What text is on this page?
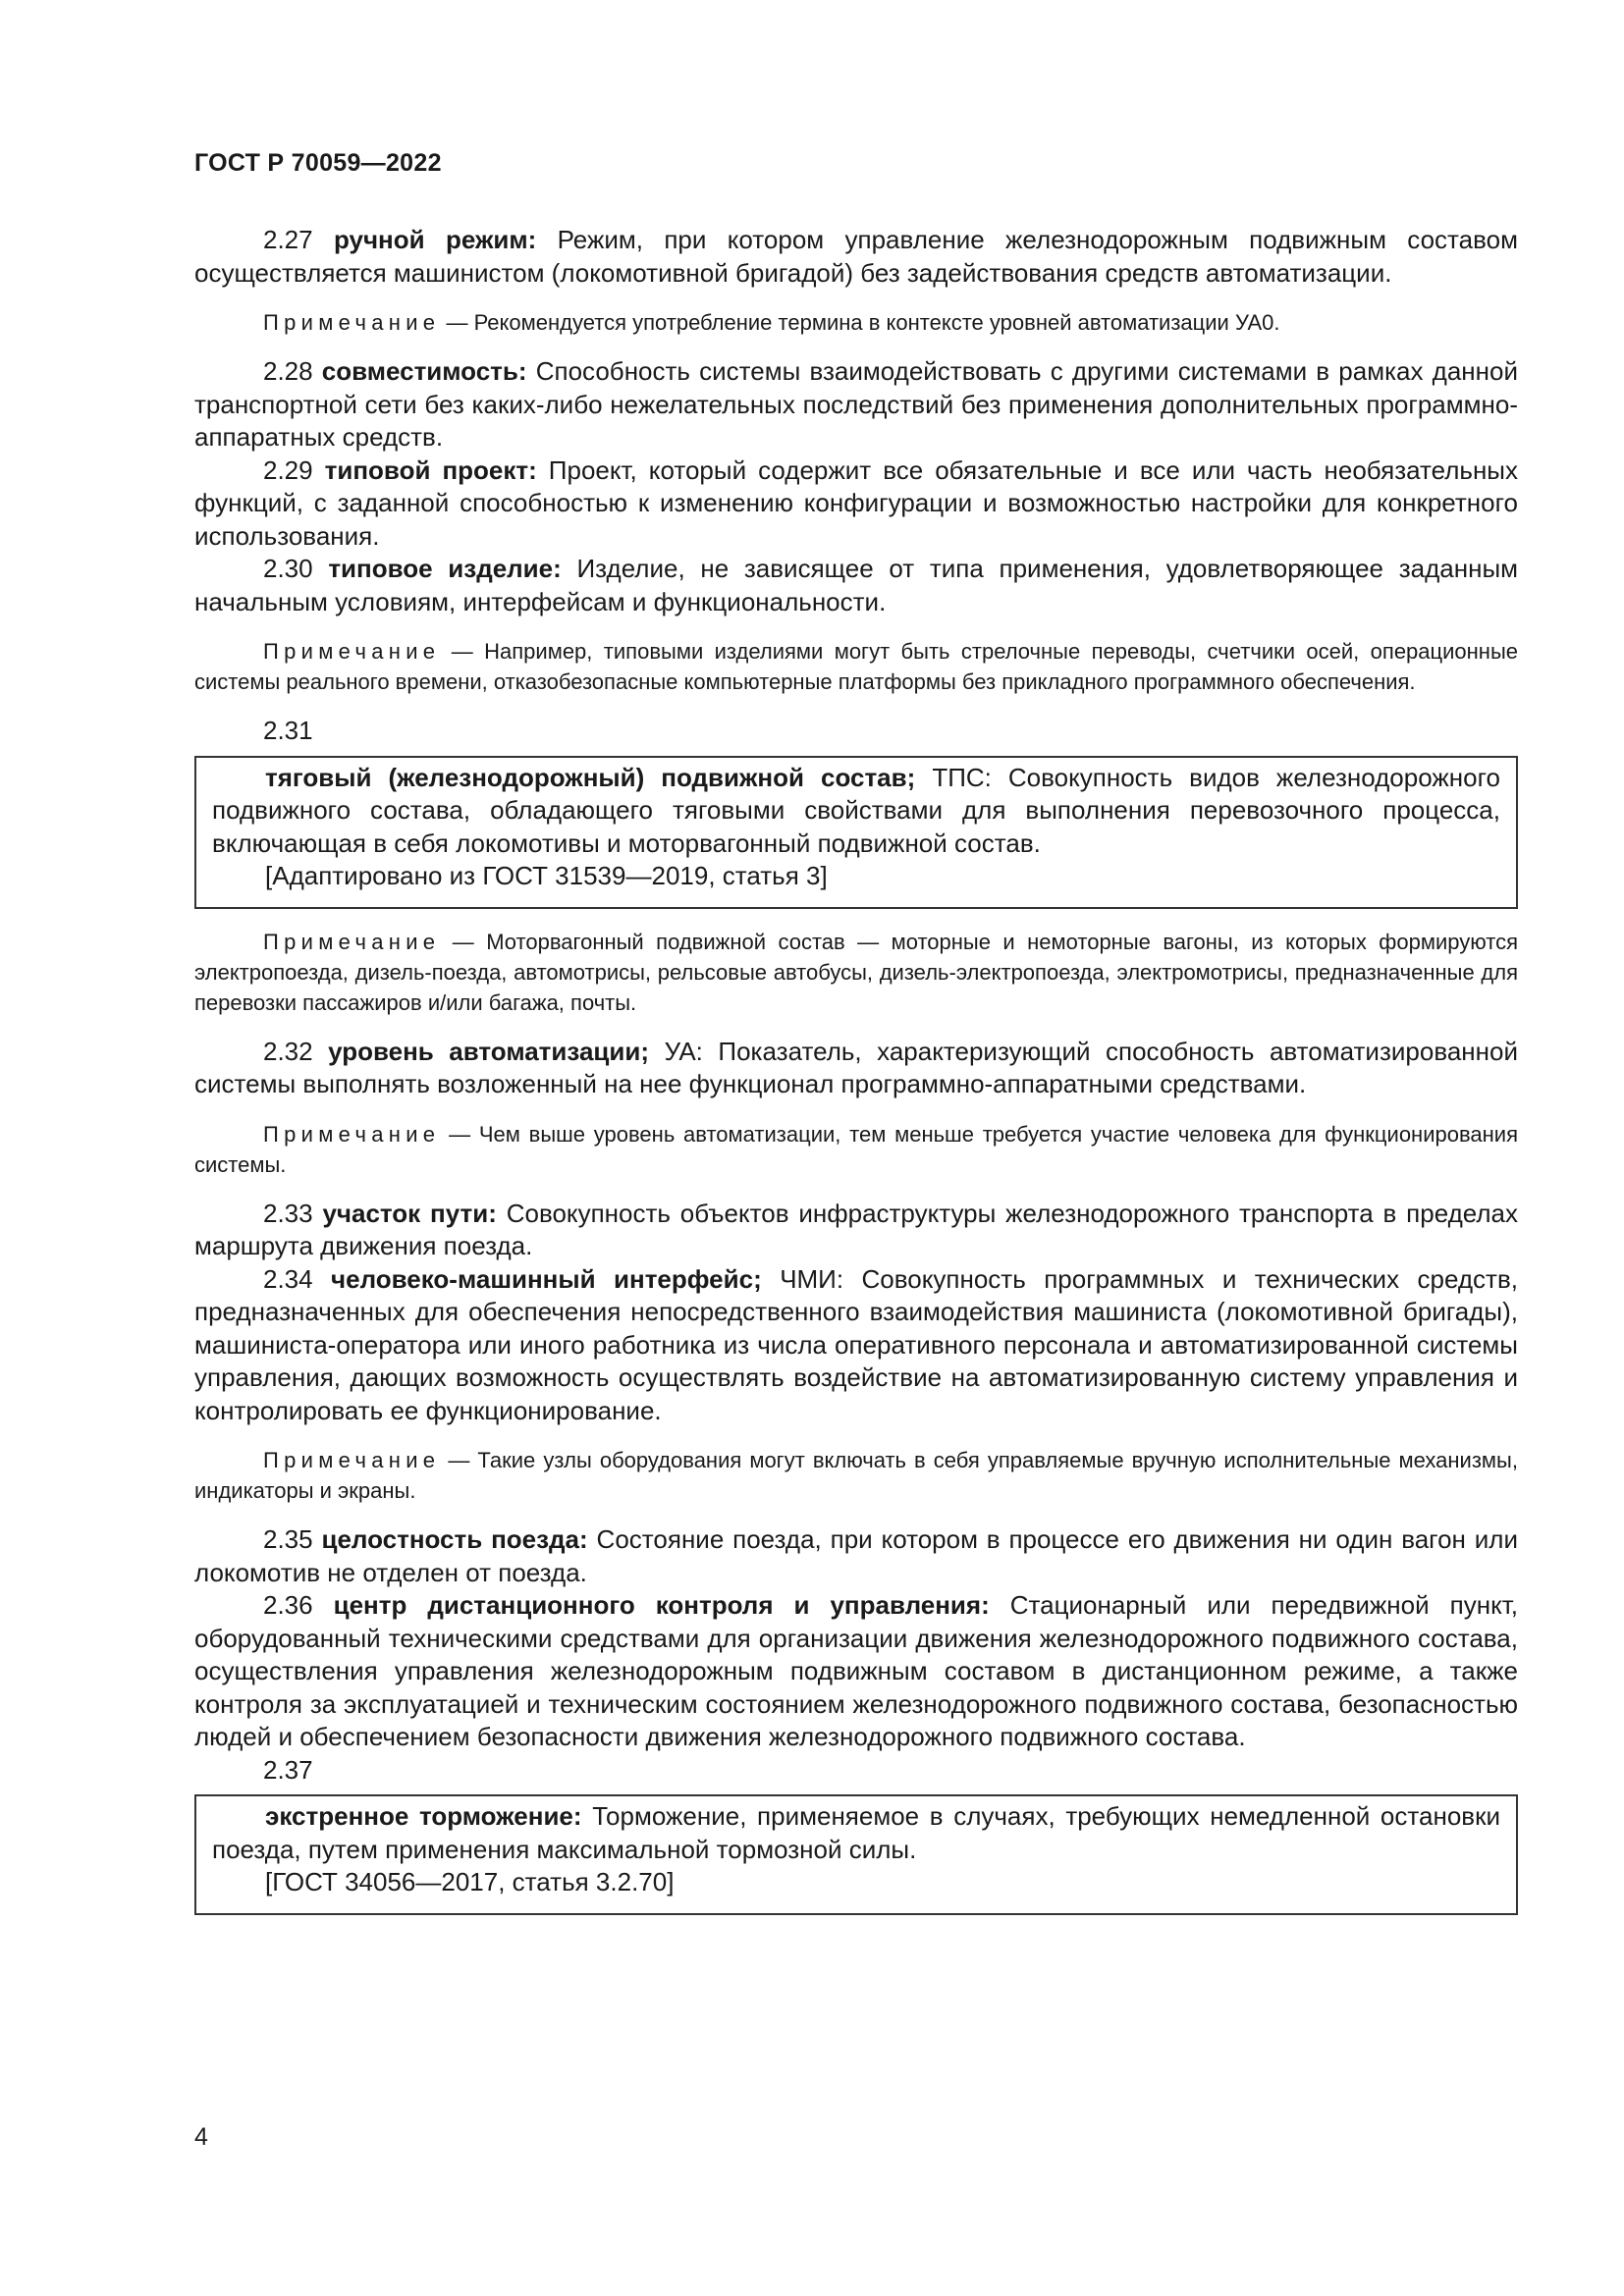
ГОСТ Р 70059—2022

2.27 ручной режим: Режим, при котором управление железнодорожным подвижным составом осуществляется машинистом (локомотивной бригадой) без задействования средств автоматизации.

Примечание — Рекомендуется употребление термина в контексте уровней автоматизации УА0.

2.28 совместимость: Способность системы взаимодействовать с другими системами в рамках данной транспортной сети без каких-либо нежелательных последствий без применения дополнительных программно-аппаратных средств.

2.29 типовой проект: Проект, который содержит все обязательные и все или часть необязательных функций, с заданной способностью к изменению конфигурации и возможностью настройки для конкретного использования.

2.30 типовое изделие: Изделие, не зависящее от типа применения, удовлетворяющее заданным начальным условиям, интерфейсам и функциональности.

Примечание — Например, типовыми изделиями могут быть стрелочные переводы, счетчики осей, операционные системы реального времени, отказобезопасные компьютерные платформы без прикладного программного обеспечения.

2.31

тяговый (железнодорожный) подвижной состав; ТПС: Совокупность видов железнодорожного подвижного состава, обладающего тяговыми свойствами для выполнения перевозочного процесса, включающая в себя локомотивы и моторвагонный подвижной состав.

[Адаптировано из ГОСТ 31539—2019, статья 3]

Примечание — Моторвагонный подвижной состав — моторные и немоторные вагоны, из которых формируются электропоезда, дизель-поезда, автомотрисы, рельсовые автобусы, дизель-электропоезда, электромотрисы, предназначенные для перевозки пассажиров и/или багажа, почты.

2.32 уровень автоматизации; УА: Показатель, характеризующий способность автоматизированной системы выполнять возложенный на нее функционал программно-аппаратными средствами.

Примечание — Чем выше уровень автоматизации, тем меньше требуется участие человека для функционирования системы.

2.33 участок пути: Совокупность объектов инфраструктуры железнодорожного транспорта в пределах маршрута движения поезда.

2.34 человеко-машинный интерфейс; ЧМИ: Совокупность программных и технических средств, предназначенных для обеспечения непосредственного взаимодействия машиниста (локомотивной бригады), машиниста-оператора или иного работника из числа оперативного персонала и автоматизированной системы управления, дающих возможность осуществлять воздействие на автоматизированную систему управления и контролировать ее функционирование.

Примечание — Такие узлы оборудования могут включать в себя управляемые вручную исполнительные механизмы, индикаторы и экраны.

2.35 целостность поезда: Состояние поезда, при котором в процессе его движения ни один вагон или локомотив не отделен от поезда.

2.36 центр дистанционного контроля и управления: Стационарный или передвижной пункт, оборудованный техническими средствами для организации движения железнодорожного подвижного состава, осуществления управления железнодорожным подвижным составом в дистанционном режиме, а также контроля за эксплуатацией и техническим состоянием железнодорожного подвижного состава, безопасностью людей и обеспечением безопасности движения железнодорожного подвижного состава.

2.37

экстренное торможение: Торможение, применяемое в случаях, требующих немедленной остановки поезда, путем применения максимальной тормозной силы.

[ГОСТ 34056—2017, статья 3.2.70]
4
